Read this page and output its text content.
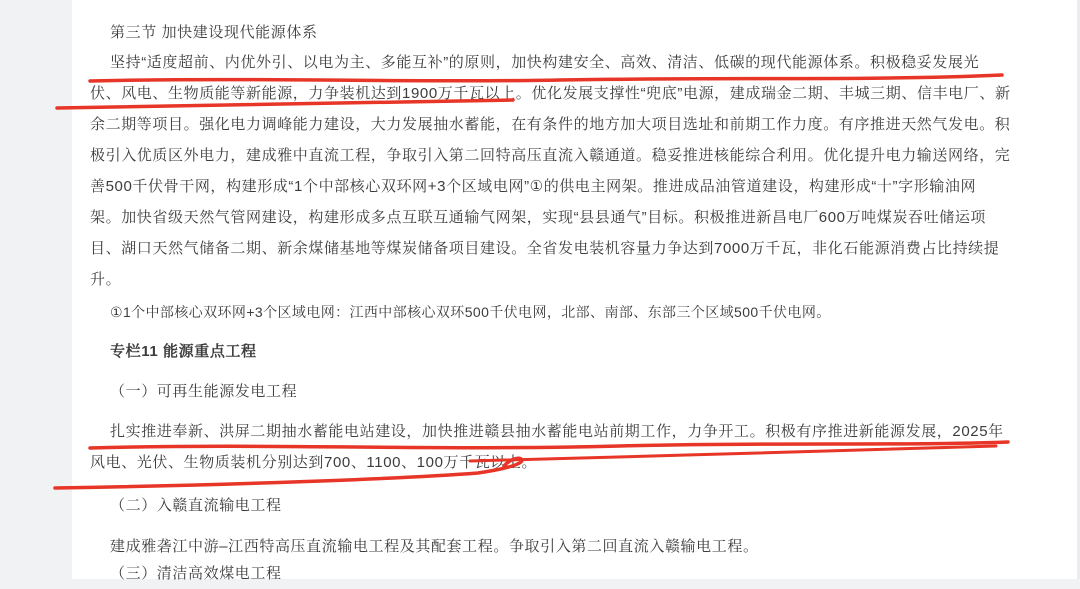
第三节 加快建设现代能源体系
坚持“适度超前、内优外引、以电为主、多能互补”的原则，加快构建安全、高效、清洁、低碳的现代能源体系。积极稳妥发展光
伏、风电、生物质能等新能源，力争装机达到1900万千瓦以上。优化发展支撑性“兜底”电源，建成瑞金二期、丰城三期、信丰电厂、新
余二期等项目。强化电力调峰能力建设，大力发展抽水蓄能，在有条件的地方加大项目选址和前期工作力度。有序推进天然气发电。积
极引入优质区外电力，建成雅中直流工程，争取引入第二回特高压直流入赣通道。稳妥推进核能综合利用。优化提升电力输送网络，完
善500千伏骨干网，构建形成“1个中部核心双环网+3个区域电网”①的供电主网架。推进成品油管道建设，构建形成“十”字形输油网
架。加快省级天然气管网建设，构建形成多点互联互通输气网架，实现“县县通气”目标。积极推进新昌电厂600万吨煤炭吞吐储运项
目、湖口天然气储备二期、新余煤储基地等煤炭储备项目建设。全省发电装机容量力争达到7000万千瓦，非化石能源消费占比持续提
升。
①1个中部核心双环网+3个区域电网：江西中部核心双环500千伏电网，北部、南部、东部三个区域500千伏电网。
专栏11 能源重点工程
（一）可再生能源发电工程
扎实推进奉新、洪屏二期抽水蓄能电站建设，加快推进赣县抽水蓄能电站前期工作，力争开工。积极有序推进新能源发展，2025年
风电、光伏、生物质装机分别达到700、1100、100万千瓦以上。
（二）入赣直流输电工程
建成雅砻江中游–江西特高压直流输电工程及其配套工程。争取引入第二回直流入赣输电工程。
（三）清洁高效煤电工程
